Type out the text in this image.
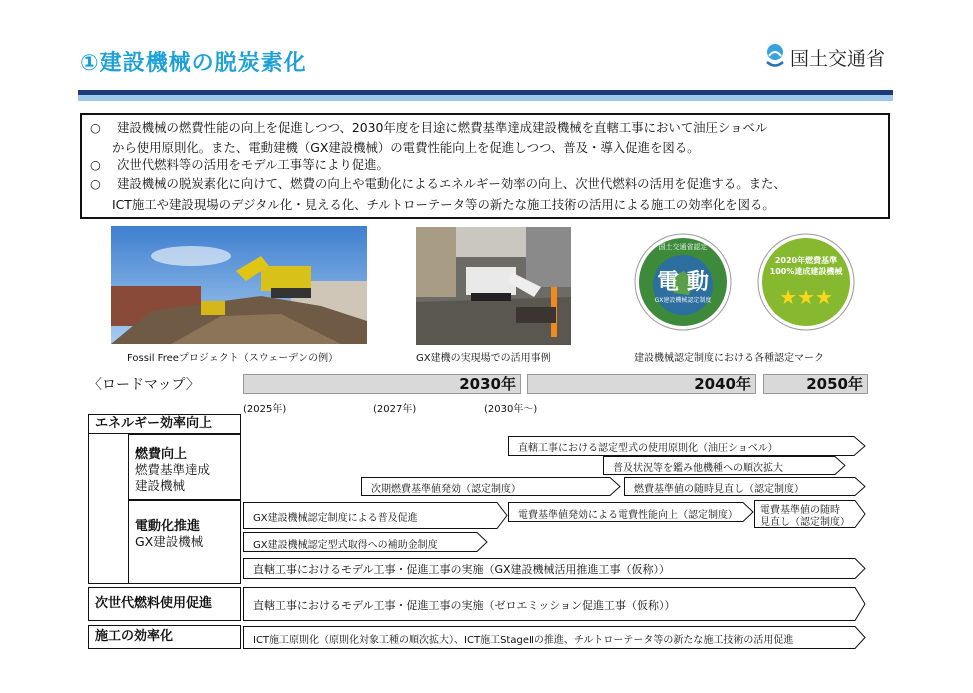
①建設機械の脱炭素化	国土交通省
○ 建設機械の燃費性能の向上を促進しつつ、2030年度を目途に燃費基準達成建設機械を直轄工事において油圧ショベル
から使用原則化。また、電動建機（GX建設機械）の電費性能向上を促進しつつ、普及・導入促進を図る。
○ 次世代燃料等の活用をモデル工事等により促進。
○ 建設機械の脱炭素化に向けて、燃費の向上や電動化によるエネルギー効率の向上、次世代燃料の活用を促進する。また、
ICT施工や建設現場のデジタル化・見える化、チルトローテータ等の新たな施工技術の活用による施工の効率化を図る。
Fossil Freeプロジェクト（スウェーデンの例）	GX建機の実現場での活用事例
国土交通省認定
電 動
GX建設機械認定制度
2020年燃費基準
100%達成建設機械
★★★
建設機械認定制度における各種認定マーク
〈ロードマップ〉	2030年	2040年	2050年
(2025年)	(2027年)	(2030年～)
エネルギー効率向上
燃費向上
燃費基準達成
建設機械
電動化推進
GX建設機械
次世代燃料使用促進
施工の効率化
直轄工事における認定型式の使用原則化（油圧ショベル）
普及状況等を鑑み他機種への順次拡大
次期燃費基準値発効（認定制度）	燃費基準値の随時見直し（認定制度）
GX建設機械認定制度による普及促進	電費基準値発効による電費性能向上（認定制度） 電費基準値の随時
見直し（認定制度）
GX建設機械認定型式取得への補助金制度
直轄工事におけるモデル工事・促進工事の実施（GX建設機械活用推進工事（仮称））
直轄工事におけるモデル工事・促進工事の実施（ゼロエミッション促進工事（仮称））
ICT施工原則化（原則化対象工種の順次拡大）、ICT施工StageⅡの推進、チルトローテータ等の新たな施工技術の活用促進
